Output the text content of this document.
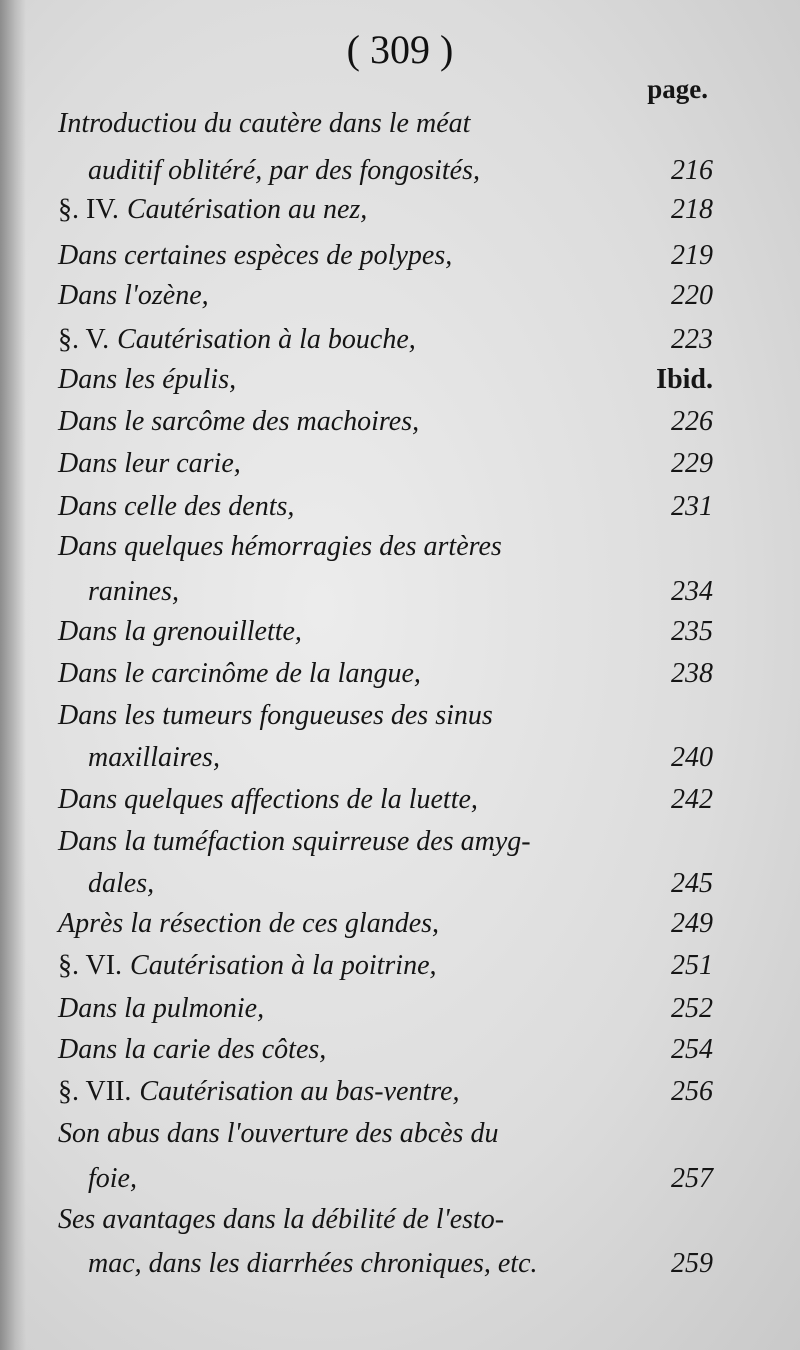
( 309 )
page.
Introductiou du cautère dans le méat
auditif oblitéré, par des fongosités,	216
§. IV. Cautérisation au nez,	218
Dans certaines espèces de polypes,	219
Dans l'ozène,	220
§. V. Cautérisation à la bouche,	223
Dans les épulis,	Ibid.
Dans le sarcôme des machoires,	226
Dans leur carie,	229
Dans celle des dents,	231
Dans quelques hémorragies des artères
ranines,	234
Dans la grenouillette,	235
Dans le carcinôme de la langue,	238
Dans les tumeurs fongueuses des sinus
maxillaires,	240
Dans quelques affections de la luette,	242
Dans la tuméfaction squirreuse des amyg-
dales,	245
Après la résection de ces glandes,	249
§. VI. Cautérisation à la poitrine,	251
Dans la pulmonie,	252
Dans la carie des côtes,	254
§. VII. Cautérisation au bas-ventre,	256
Son abus dans l'ouverture des abcès du
foie,	257
Ses avantages dans la débilité de l'esto-
mac, dans les diarrhées chroniques, etc.	259
